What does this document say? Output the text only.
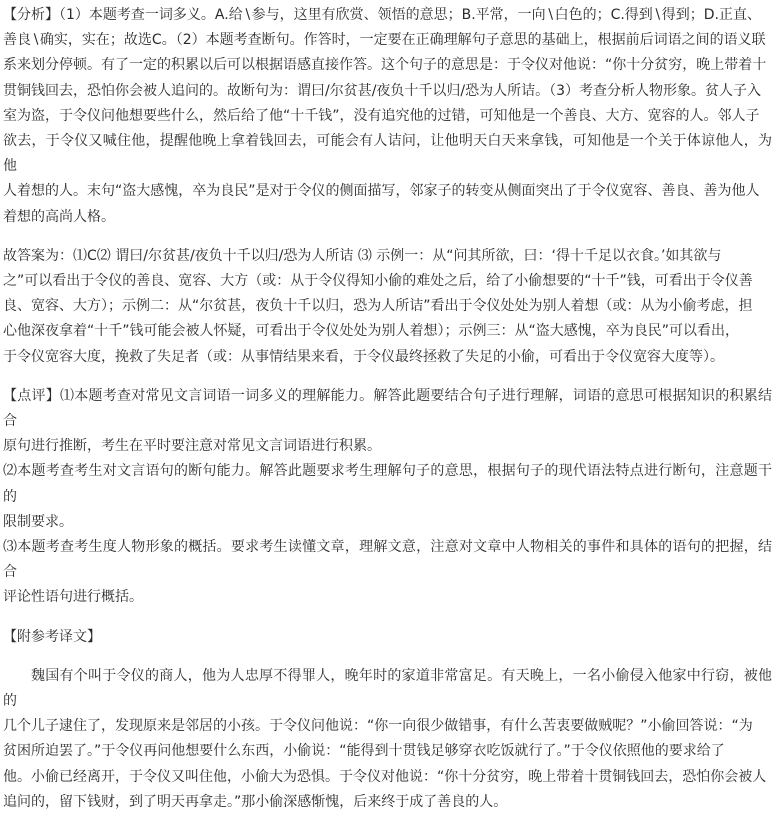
【分析】（1）本题考查一词多义。A.给∖参与，这里有欣赏、领悟的意思；B.平常，一向∖白色的；C.得到∖得到；D.正直、
善良∖确实，实在；故选C。（2）本题考查断句。作答时，一定要在正确理解句子意思的基础上，根据前后词语之间的语义联
系来划分停顿。有了一定的积累以后可以根据语感直接作答。这个句子的意思是：于令仪对他说：“你十分贫穷，晚上带着十
贯铜钱回去，恐怕你会被人追问的。故断句为：谓曰/尔贫甚/夜负十千以归/恐为人所诘。（3）考查分析人物形象。贫人子入
室为盗，于令仪问他想要些什么，然后给了他“十千钱”，没有追究他的过错，可知他是一个善良、大方、宽容的人。邻人子
欲去，于令仪又喊住他，提醒他晚上拿着钱回去，可能会有人诘问，让他明天白天来拿钱，可知他是一个关于体谅他人，为他
人着想的人。末句“盗大感愧，卒为良民”是对于令仪的侧面描写，邻家子的转变从侧面突出了于令仪宽容、善良、善为他人
着想的高尚人格。
故答案为：⑴C⑵ 谓曰/尔贫甚/夜负十千以归/恐为人所诘 ⑶ 示例一：从“问其所欲，曰：‘得十千足以衣食。’如其欲与
之”可以看出于令仪的善良、宽容、大方（或：从于令仪得知小偷的难处之后，给了小偷想要的“十千”钱，可看出于令仪善
良、宽容、大方）；示例二：从“尔贫甚，夜负十千以归，恐为人所诘”看出于令仪处处为别人着想（或：从为小偷考虑，担
心他深夜拿着“十千”钱可能会被人怀疑，可看出于令仪处处为别人着想）；示例三：从“盗大感愧，卒为良民”可以看出，
于令仪宽容大度，挽救了失足者（或：从事情结果来看，于令仪最终拯救了失足的小偷，可看出于令仪宽容大度等）。
【点评】⑴本题考查对常见文言词语一词多义的理解能力。解答此题要结合句子进行理解，词语的意思可根据知识的积累结合
原句进行推断，考生在平时要注意对常见文言词语进行积累。
⑵本题考查考生对文言语句的断句能力。解答此题要求考生理解句子的意思，根据句子的现代语法特点进行断句，注意题干的
限制要求。
⑶本题考查考生度人物形象的概括。要求考生读懂文章，理解文意，注意对文章中人物相关的事件和具体的语句的把握，结合
评论性语句进行概括。
【附参考译文】
魏国有个叫于令仪的商人，他为人忠厚不得罪人，晚年时的家道非常富足。有天晚上，一名小偷侵入他家中行窃，被他的
几个儿子逮住了，发现原来是邻居的小孩。于令仪问他说：“你一向很少做错事，有什么苦衷要做贼呢？”小偷回答说：“为
贫困所迫罢了。”于令仪再问他想要什么东西，小偷说：“能得到十贯钱足够穿衣吃饭就行了。”于令仪依照他的要求给了
他。小偷已经离开，于令仪又叫住他，小偷大为恐惧。于令仪对他说：“你十分贫穷，晚上带着十贯铜钱回去，恐怕你会被人
追问的，留下钱财，到了明天再拿走。”那小偷深感惭愧，后来终于成了善良的人。
